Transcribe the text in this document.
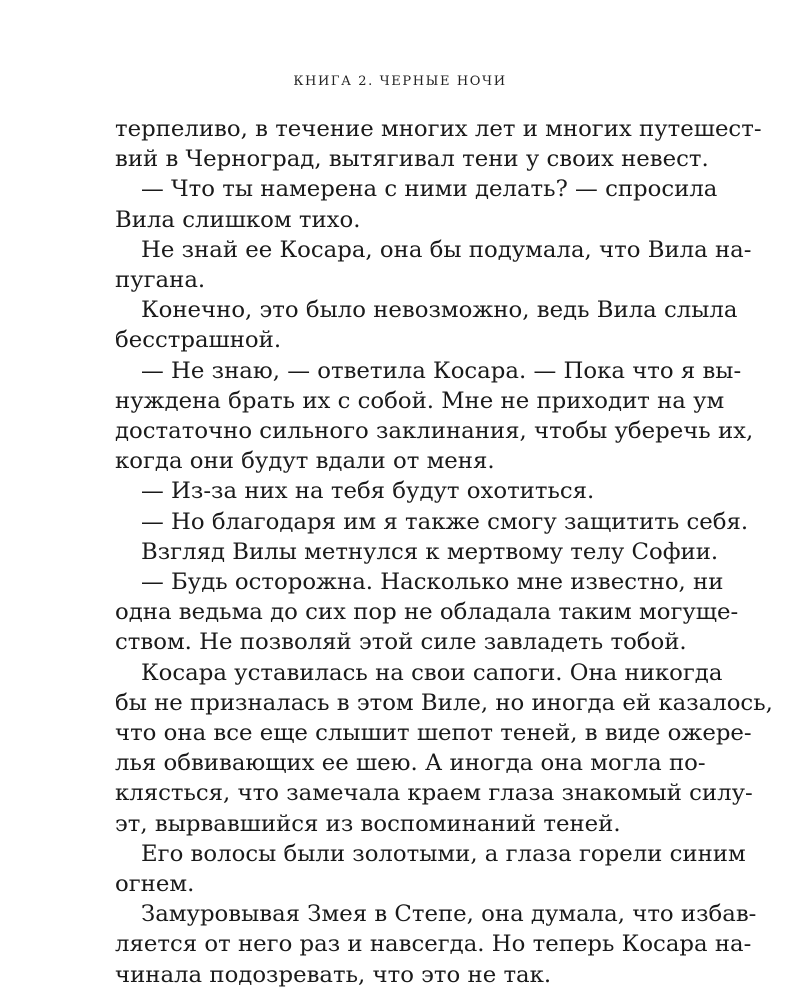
КНИГА 2. ЧЕРНЫЕ НОЧИ
терпеливо, в течение многих лет и многих путешест-
вий в Черноград, вытягивал тени у своих невест.
— Что ты намерена с ними делать? — спросила
Вила слишком тихо.
Не знай ее Косара, она бы подумала, что Вила на-
пугана.
Конечно, это было невозможно, ведь Вила слыла
бесстрашной.
— Не знаю, — ответила Косара. — Пока что я вы-
нуждена брать их с собой. Мне не приходит на ум
достаточно сильного заклинания, чтобы уберечь их,
когда они будут вдали от меня.
— Из-за них на тебя будут охотиться.
— Но благодаря им я также смогу защитить себя.
Взгляд Вилы метнулся к мертвому телу Софии.
— Будь осторожна. Насколько мне известно, ни
одна ведьма до сих пор не обладала таким могуще-
ством. Не позволяй этой силе завладеть тобой.
Косара уставилась на свои сапоги. Она никогда
бы не призналась в этом Виле, но иногда ей казалось,
что она все еще слышит шепот теней, в виде ожере-
лья обвивающих ее шею. А иногда она могла по-
клясться, что замечала краем глаза знакомый силу-
эт, вырвавшийся из воспоминаний теней.
Его волосы были золотыми, а глаза горели синим
огнем.
Замуровывая Змея в Степе, она думала, что избав-
ляется от него раз и навсегда. Но теперь Косара на-
чинала подозревать, что это не так.
